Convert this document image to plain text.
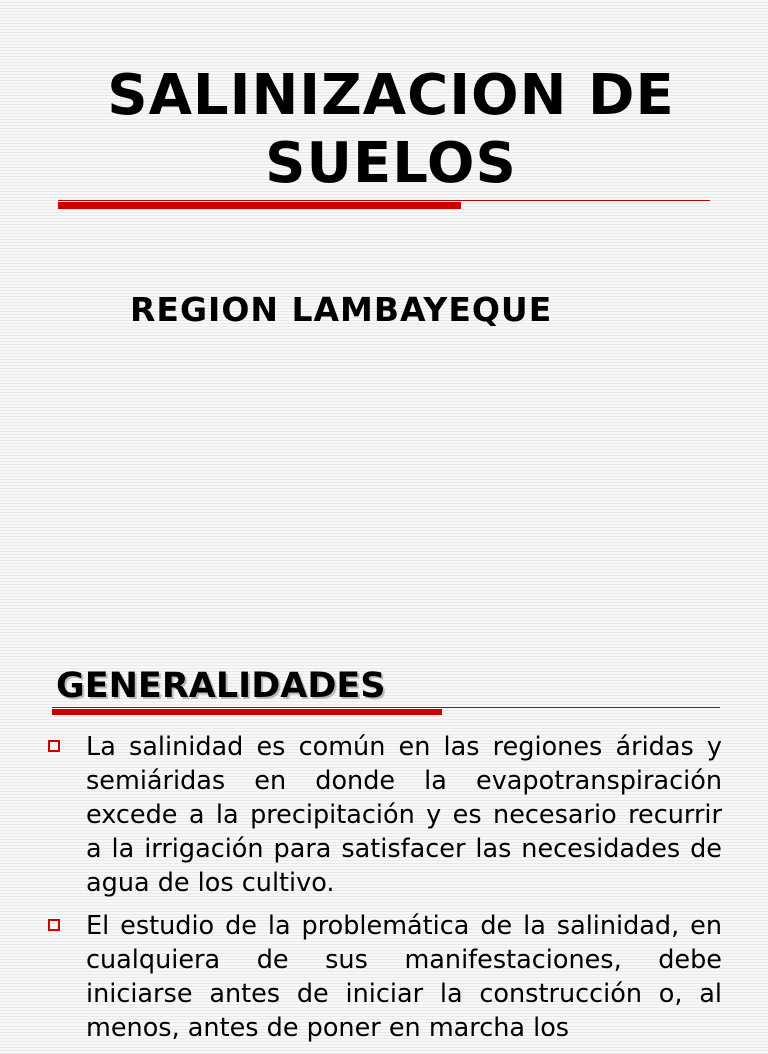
SALINIZACION DE SUELOS
REGION LAMBAYEQUE
GENERALIDADES
La salinidad es común en las regiones áridas y semiáridas en donde la evapotranspiración excede a la precipitación y es necesario recurrir a la irrigación para satisfacer las necesidades de agua de los cultivo.
El estudio de la problemática de la salinidad, en cualquiera de sus manifestaciones, debe iniciarse antes de iniciar la construcción o, al menos, antes de poner en marcha los
